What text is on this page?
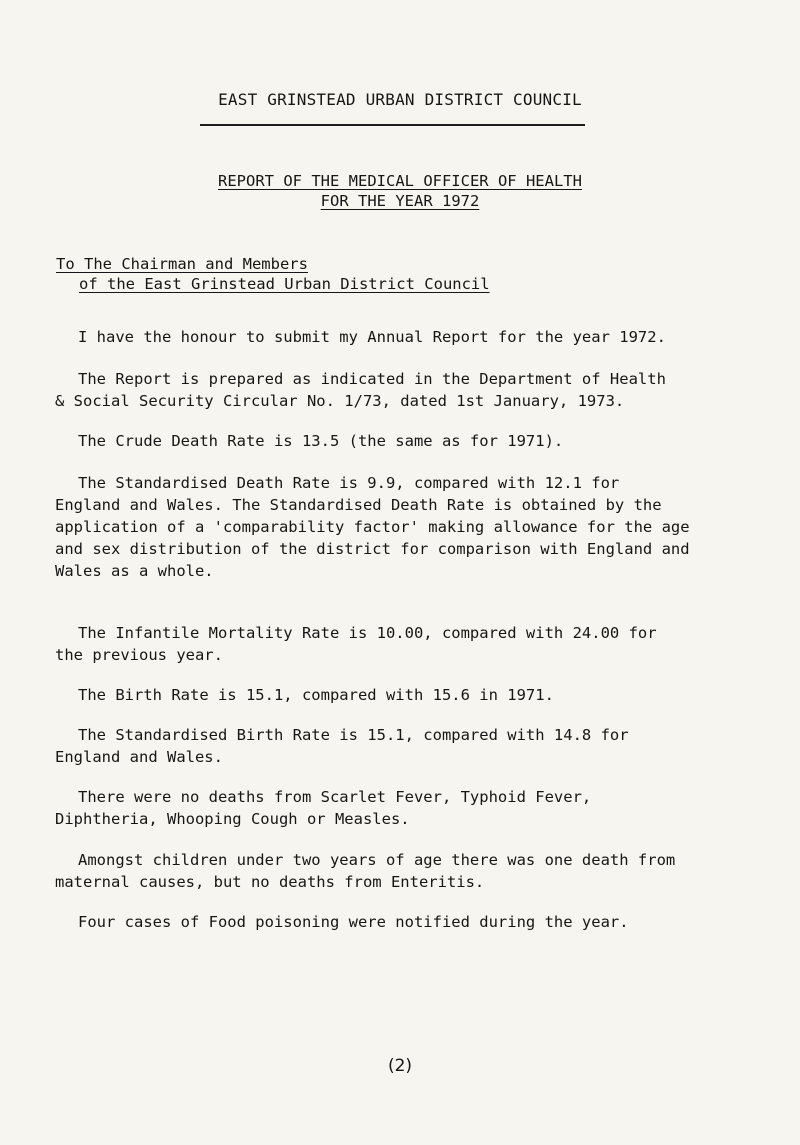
EAST GRINSTEAD URBAN DISTRICT COUNCIL
REPORT OF THE MEDICAL OFFICER OF HEALTH
FOR THE YEAR 1972
To The Chairman and Members
of the East Grinstead Urban District Council

I have the honour to submit my Annual Report for the year 1972.

The Report is prepared as indicated in the Department of Health
& Social Security Circular No. 1/73, dated 1st January, 1973.

The Crude Death Rate is 13.5 (the same as for 1971).

The Standardised Death Rate is 9.9, compared with 12.1 for
England and Wales. The Standardised Death Rate is obtained by the
application of a 'comparability factor' making allowance for the age
and sex distribution of the district for comparison with England and
Wales as a whole.

The Infantile Mortality Rate is 10.00, compared with 24.00 for
the previous year.

The Birth Rate is 15.1, compared with 15.6 in 1971.

The Standardised Birth Rate is 15.1, compared with 14.8 for
England and Wales.

There were no deaths from Scarlet Fever, Typhoid Fever,
Diphtheria, Whooping Cough or Measles.

Amongst children under two years of age there was one death from
maternal causes, but no deaths from Enteritis.

Four cases of Food poisoning were notified during the year.

(2)
